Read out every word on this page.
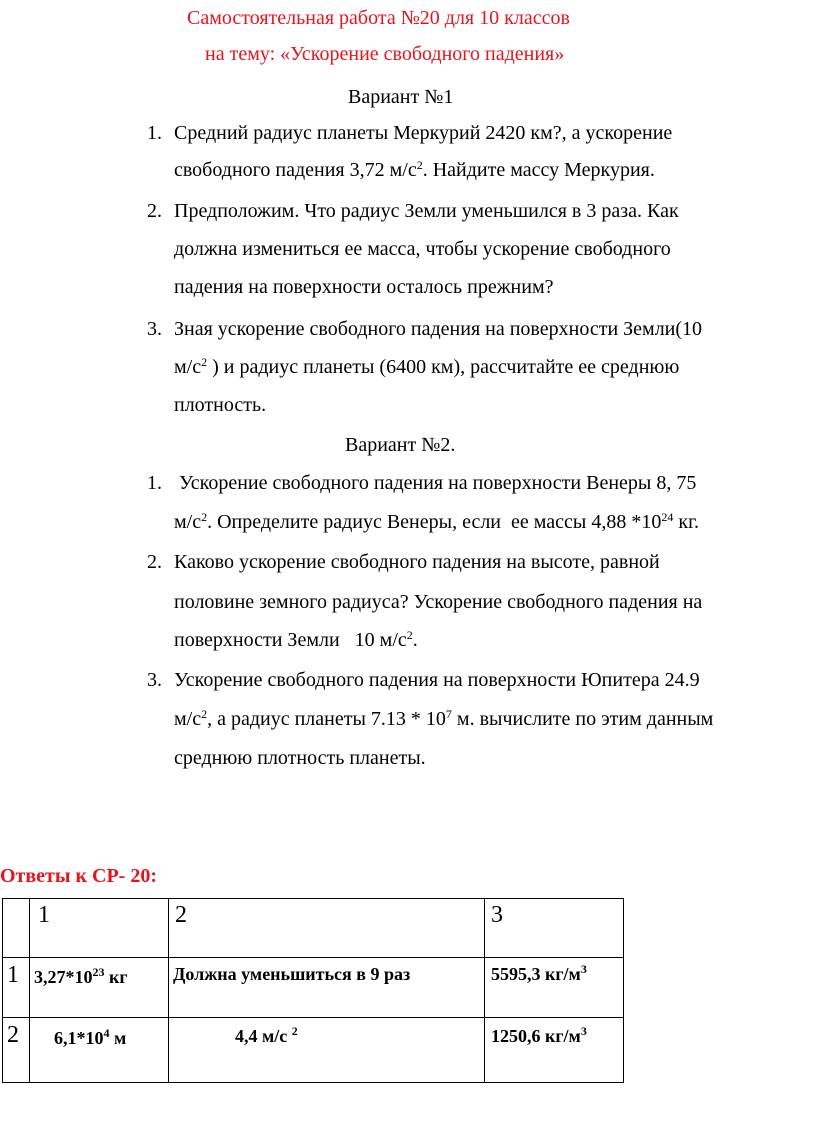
Самостоятельная работа №20 для 10 классов
на тему: «Ускорение свободного падения»
Вариант №1
1. Средний радиус планеты Меркурий 2420 км?, а ускорение
свободного падения 3,72 $м/с^2$. Найдите массу Меркурия.
2. Предположим. Что радиус Земли уменьшился в 3 раза. Как
должна измениться ее масса, чтобы ускорение свободного
падения на поверхности осталось прежним?
3. Зная ускорение свободного падения на поверхности Земли(10
$м/с^2$ ) и радиус планеты (6400 км), рассчитайте ее среднюю
плотность.
Вариант №2.
1. Ускорение свободного падения на поверхности Венеры 8, 75
$м/с^2$. Определите радиус Венеры, если  ее массы 4,88 $*10^{24}$ кг.
2. Каково ускорение свободного падения на высоте, равной
половине земного радиуса? Ускорение свободного падения на
поверхности Земли   10 $м/с^2$.
3. Ускорение свободного падения на поверхности Юпитера 24.9
$м/с^2$, а радиус планеты $7.13 * 10^7$ м. вычислите по этим данным
среднюю плотность планеты.
Ответы к СР- 20:
	1	2	3
1	$3,27*10^{23}$ кг	Должна уменьшиться в 9 раз	5595,3 $кг/м^3$
2	$6,1*10^4$ м	4,4 м/с $^2$	1250,6 $кг/м^3$
